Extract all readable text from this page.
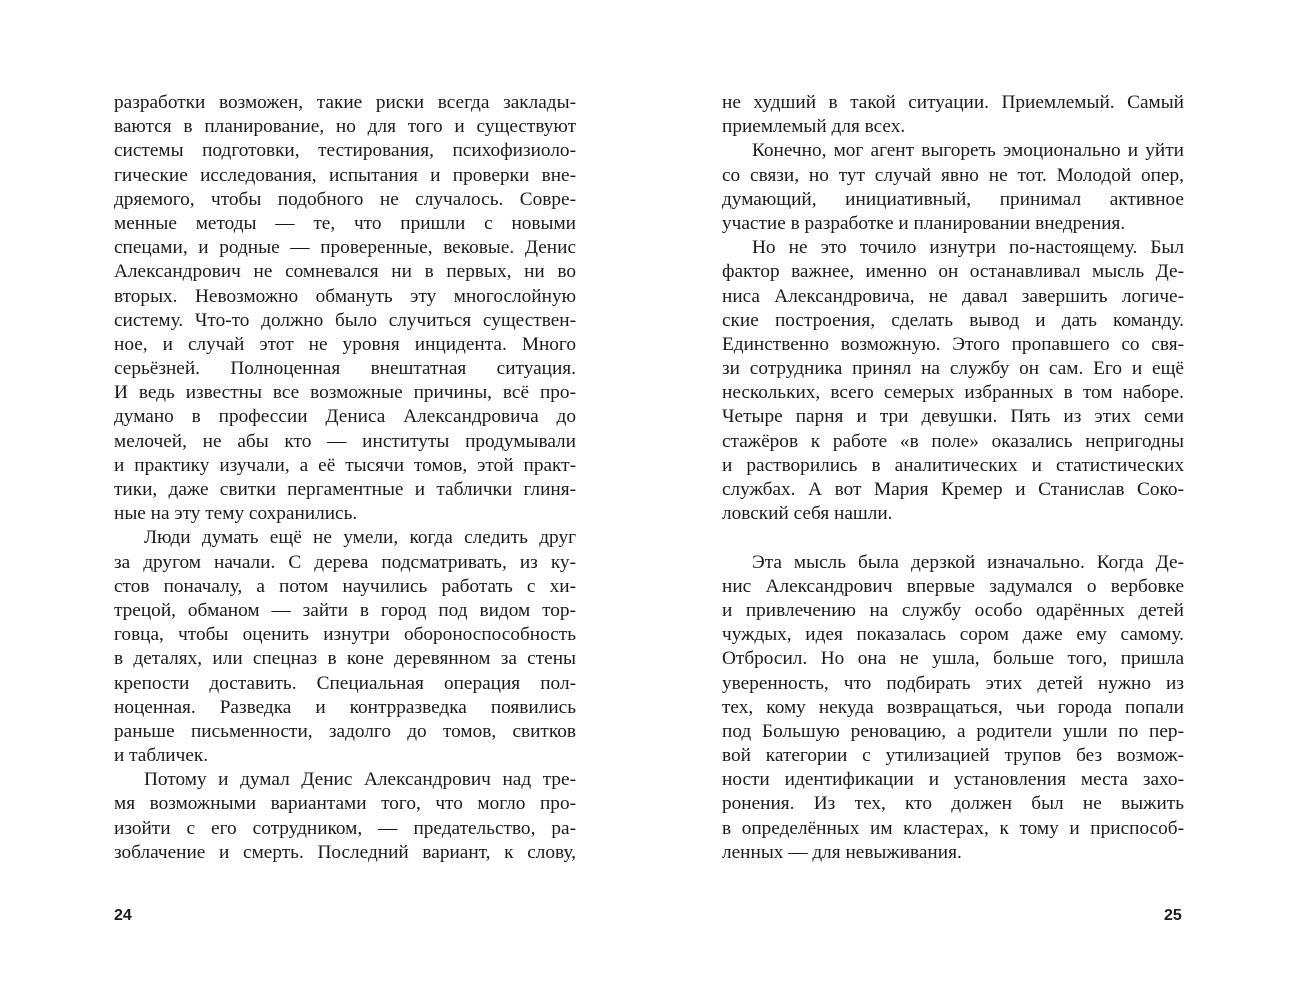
разработки возможен, такие риски всегда заклады-
ваются в планирование, но для того и существуют
системы подготовки, тестирования, психофизиоло-
гические исследования, испытания и проверки вне-
дряемого, чтобы подобного не случалось. Совре-
менные методы — те, что пришли с новыми
спецами, и родные — проверенные, вековые. Денис
Александрович не сомневался ни в первых, ни во
вторых. Невозможно обмануть эту многослойную
систему. Что-то должно было случиться существен-
ное, и случай этот не уровня инцидента. Много
серьёзней. Полноценная внештатная ситуация.
И ведь известны все возможные причины, всё про-
думано в профессии Дениса Александровича до
мелочей, не абы кто — институты продумывали
и практику изучали, а её тысячи томов, этой практ-
тики, даже свитки пергаментные и таблички глиня-
ные на эту тему сохранились.
Люди думать ещё не умели, когда следить друг
за другом начали. С дерева подсматривать, из ку-
стов поначалу, а потом научились работать с хи-
трецой, обманом — зайти в город под видом тор-
говца, чтобы оценить изнутри обороноспособность
в деталях, или спецназ в коне деревянном за стены
крепости доставить. Специальная операция пол-
ноценная. Разведка и контрразведка появились
раньше письменности, задолго до томов, свитков
и табличек.
Потому и думал Денис Александрович над тре-
мя возможными вариантами того, что могло про-
изойти с его сотрудником, — предательство, ра-
зоблачение и смерть. Последний вариант, к слову,
не худший в такой ситуации. Приемлемый. Самый
приемлемый для всех.
Конечно, мог агент выгореть эмоционально и уйти
со связи, но тут случай явно не тот. Молодой опер,
думающий, инициативный, принимал активное
участие в разработке и планировании внедрения.
Но не это точило изнутри по-настоящему. Был
фактор важнее, именно он останавливал мысль Де-
ниса Александровича, не давал завершить логиче-
ские построения, сделать вывод и дать команду.
Единственно возможную. Этого пропавшего со свя-
зи сотрудника принял на службу он сам. Его и ещё
нескольких, всего семерых избранных в том наборе.
Четыре парня и три девушки. Пять из этих семи
стажёров к работе «в поле» оказались непригодны
и растворились в аналитических и статистических
службах. А вот Мария Кремер и Станислав Соко-
ловский себя нашли.
Эта мысль была дерзкой изначально. Когда Де-
нис Александрович впервые задумался о вербовке
и привлечению на службу особо одарённых детей
чуждых, идея показалась сором даже ему самому.
Отбросил. Но она не ушла, больше того, пришла
уверенность, что подбирать этих детей нужно из
тех, кому некуда возвращаться, чьи города попали
под Большую реновацию, а родители ушли по пер-
вой категории с утилизацией трупов без возмож-
ности идентификации и установления места захо-
ронения. Из тех, кто должен был не выжить
в определённых им кластерах, к тому и приспособ-
ленных — для невыживания.
24	25
